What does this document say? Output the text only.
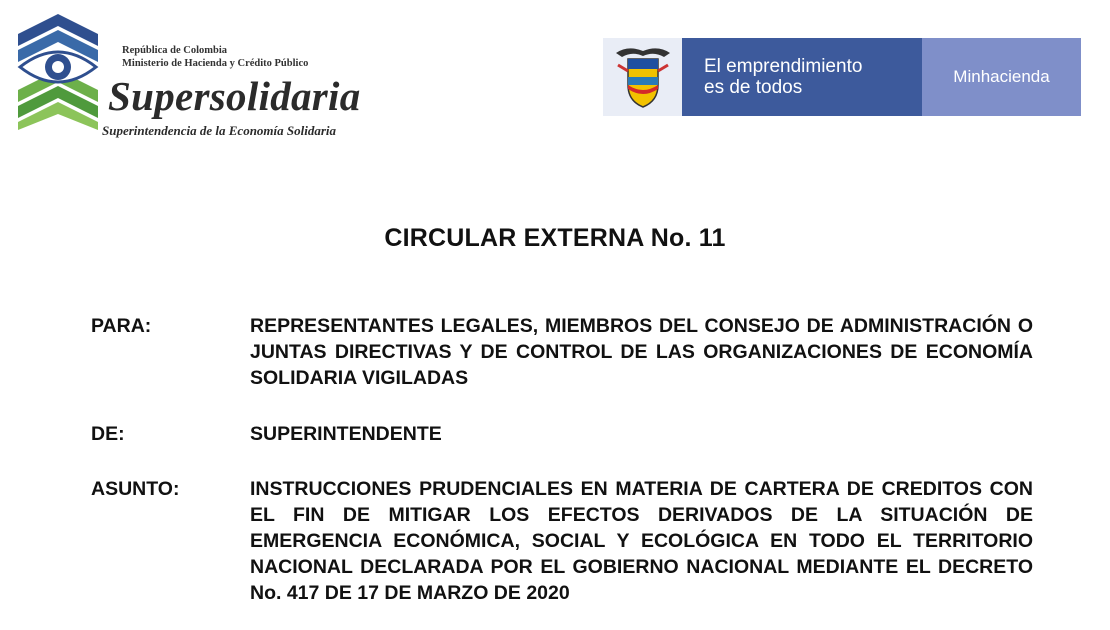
República de Colombia
Ministerio de Hacienda y Crédito Público
Supersolidaria
Superintendencia de la Economía Solidaria
El emprendimiento
es de todos
Minhacienda
CIRCULAR EXTERNA No. 11
PARA:	REPRESENTANTES LEGALES, MIEMBROS DEL CONSEJO DE ADMINISTRACIÓN O JUNTAS DIRECTIVAS Y DE CONTROL DE LAS ORGANIZACIONES DE ECONOMÍA SOLIDARIA VIGILADAS
DE:	SUPERINTENDENTE
ASUNTO:	INSTRUCCIONES PRUDENCIALES EN MATERIA DE CARTERA DE CREDITOS CON EL FIN DE MITIGAR LOS EFECTOS DERIVADOS DE LA SITUACIÓN DE EMERGENCIA ECONÓMICA, SOCIAL Y ECOLÓGICA EN TODO EL TERRITORIO NACIONAL DECLARADA POR EL GOBIERNO NACIONAL MEDIANTE EL DECRETO No. 417 DE 17 DE MARZO DE 2020
